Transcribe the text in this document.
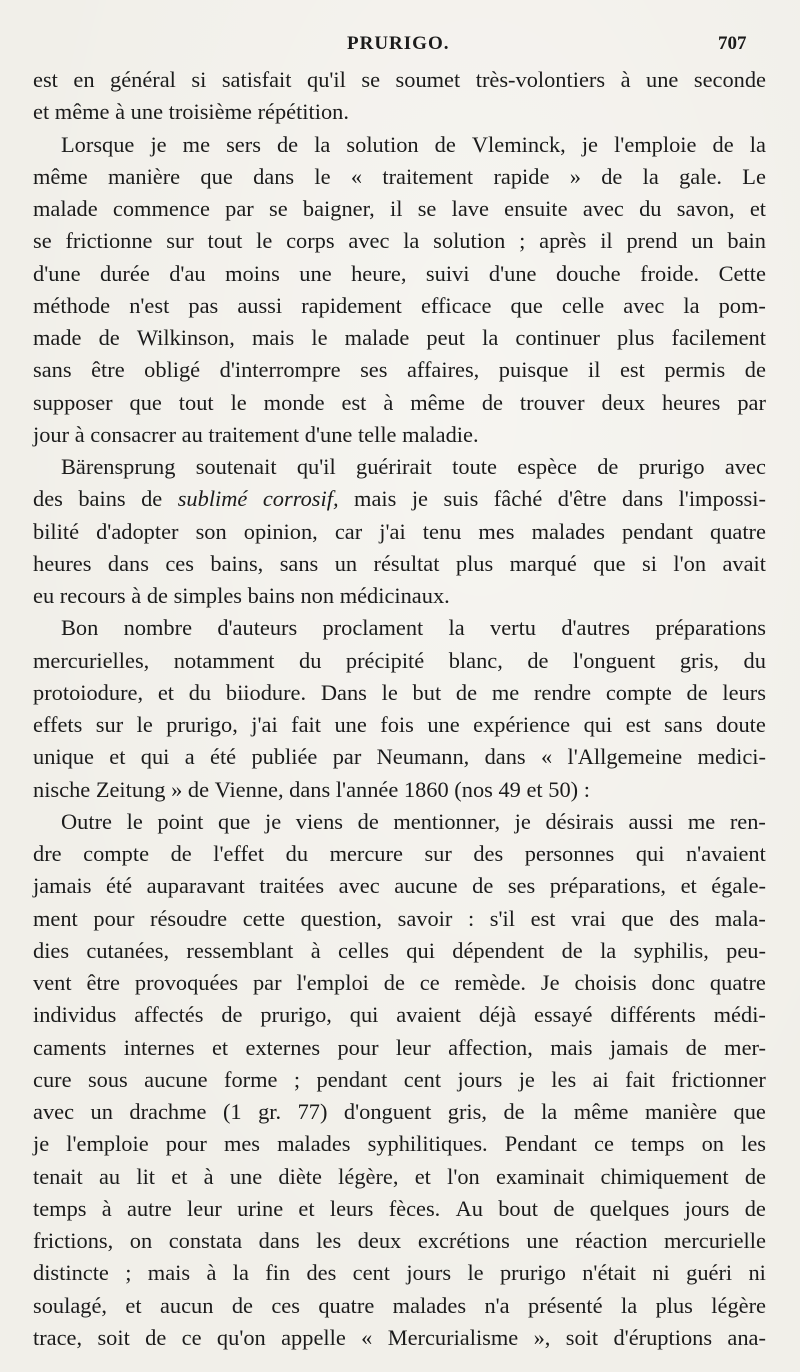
PRURIGO.	707
est en général si satisfait qu'il se soumet très-volontiers à une seconde
et
même
à
une
troisième
répétition.

Lorsque je me sers de la solution de Vleminck, je l'emploie de la
même manière que dans le « traitement rapide » de la gale. Le
malade commence par se baigner, il se lave ensuite avec du savon, et
se frictionne sur tout le corps avec la solution ; après il prend un bain
d'une durée d'au moins une heure, suivi d'une douche froide. Cette
méthode n'est pas aussi rapidement efficace que celle avec la pom-
made de Wilkinson, mais le malade peut la continuer plus facilement
sans être obligé d'interrompre ses affaires, puisque il est permis de
supposer que tout le monde est à même de trouver deux heures par
jour
à
consacrer
au
traitement
d'une
telle
maladie.

Bärensprung soutenait qu'il guérirait toute espèce de prurigo avec
des bains de sublimé corrosif, mais je suis fâché d'être dans l'impossi-
bilité d'adopter son opinion, car j'ai tenu mes malades pendant quatre
heures dans ces bains, sans un résultat plus marqué que si l'on avait
eu
recours
à
de
simples
bains
non
médicinaux.

Bon nombre d'auteurs proclament la vertu d'autres préparations
mercurielles, notamment du précipité blanc, de l'onguent gris, du
protoiodure, et du biiodure. Dans le but de me rendre compte de leurs
effets sur le prurigo, j'ai fait une fois une expérience qui est sans doute
unique et qui a été publiée par Neumann, dans « l'Allgemeine medici-
nische
Zeitung
»
de
Vienne,
dans
l'année
1860
(nos
49
et
50)
:

Outre le point que je viens de mentionner, je désirais aussi me ren-
dre compte de l'effet du mercure sur des personnes qui n'avaient
jamais été auparavant traitées avec aucune de ses préparations, et égale-
ment pour résoudre cette question, savoir : s'il est vrai que des mala-
dies cutanées, ressemblant à celles qui dépendent de la syphilis, peu-
vent être provoquées par l'emploi de ce remède. Je choisis donc quatre
individus affectés de prurigo, qui avaient déjà essayé différents médi-
caments internes et externes pour leur affection, mais jamais de mer-
cure sous aucune forme ; pendant cent jours je les ai fait frictionner
avec un drachme (1 gr. 77) d'onguent gris, de la même manière que
je l'emploie pour mes malades syphilitiques. Pendant ce temps on les
tenait au lit et à une diète légère, et l'on examinait chimiquement de
temps à autre leur urine et leurs fèces. Au bout de quelques jours de
frictions, on constata dans les deux excrétions une réaction mercurielle
distincte ; mais à la fin des cent jours le prurigo n'était ni guéri ni
soulagé, et aucun de ces quatre malades n'a présenté la plus légère
trace, soit de ce qu'on appelle « Mercurialisme », soit d'éruptions ana-
